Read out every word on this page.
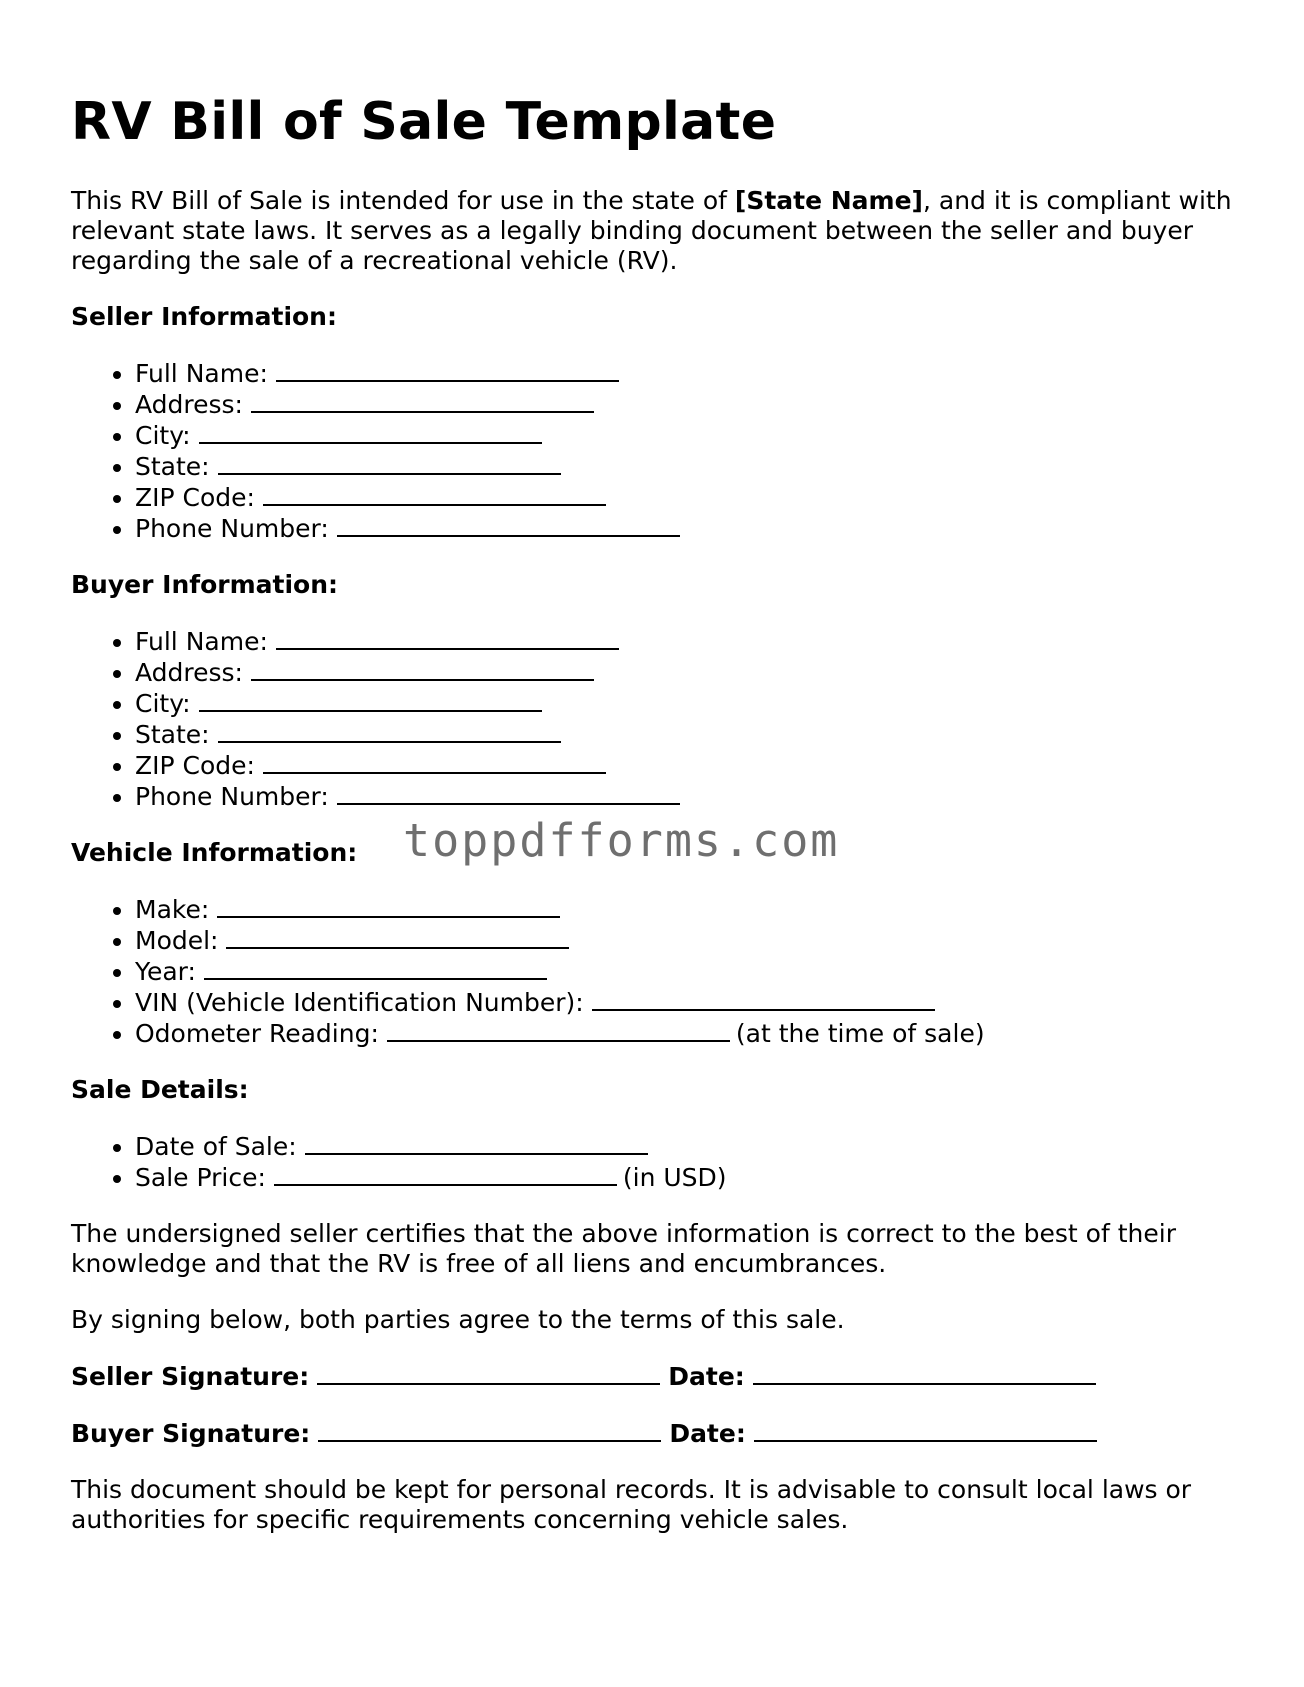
RV Bill of Sale Template

This RV Bill of Sale is intended for use in the state of [State Name], and it is compliant with relevant state laws. It serves as a legally binding document between the seller and buyer regarding the sale of a recreational vehicle (RV).

Seller Information:
• Full Name:
• Address:
• City:
• State:
• ZIP Code:
• Phone Number:
Buyer Information:
• Full Name:
• Address:
• City:
• State:
• ZIP Code:
• Phone Number:
Vehicle Information:
• Make:
• Model:
• Year:
• VIN (Vehicle Identification Number):
• Odometer Reading:	(at the time of sale)
Sale Details:
• Date of Sale:
• Sale Price:	(in USD)

The undersigned seller certifies that the above information is correct to the best of their knowledge and that the RV is free of all liens and encumbrances.

By signing below, both parties agree to the terms of this sale.

Seller Signature:	Date:
Buyer Signature:	Date:

This document should be kept for personal records. It is advisable to consult local laws or authorities for specific requirements concerning vehicle sales.

toppdfforms.com
